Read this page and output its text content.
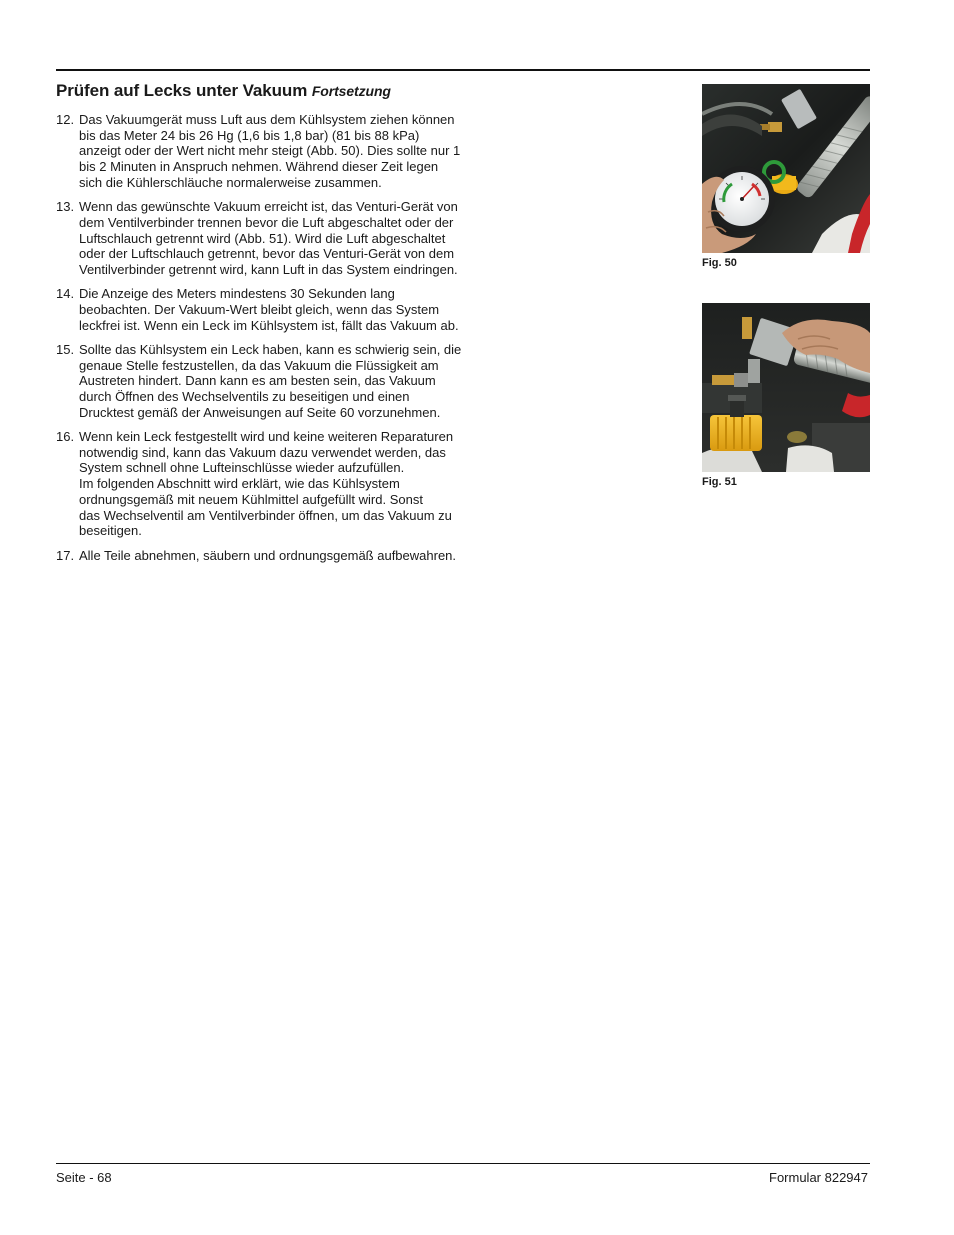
Prüfen auf Lecks unter Vakuum Fortsetzung
12. Das Vakuumgerät muss Luft aus dem Kühlsystem ziehen können
bis das Meter 24 bis 26 Hg (1,6 bis 1,8 bar) (81 bis 88 kPa)
anzeigt oder der Wert nicht mehr steigt (Abb. 50). Dies sollte nur 1
bis 2 Minuten in Anspruch nehmen. Während dieser Zeit legen
sich die Kühlerschläuche normalerweise zusammen.
13. Wenn das gewünschte Vakuum erreicht ist, das Venturi-Gerät von
dem Ventilverbinder trennen bevor die Luft abgeschaltet oder der
Luftschlauch getrennt wird (Abb. 51). Wird die Luft abgeschaltet
oder der Luftschlauch getrennt, bevor das Venturi-Gerät von dem
Ventilverbinder getrennt wird, kann Luft in das System eindringen.
14. Die Anzeige des Meters mindestens 30 Sekunden lang
beobachten. Der Vakuum-Wert bleibt gleich, wenn das System
leckfrei ist. Wenn ein Leck im Kühlsystem ist, fällt das Vakuum ab.
15. Sollte das Kühlsystem ein Leck haben, kann es schwierig sein, die
genaue Stelle festzustellen, da das Vakuum die Flüssigkeit am
Austreten hindert. Dann kann es am besten sein, das Vakuum
durch Öffnen des Wechselventils zu beseitigen und einen
Drucktest gemäß der Anweisungen auf Seite 60 vorzunehmen.
16. Wenn kein Leck festgestellt wird und keine weiteren Reparaturen
notwendig sind, kann das Vakuum dazu verwendet werden, das
System schnell ohne Lufteinschlüsse wieder aufzufüllen.
Im folgenden Abschnitt wird erklärt, wie das Kühlsystem
ordnungsgemäß mit neuem Kühlmittel aufgefüllt wird. Sonst
das Wechselventil am Ventilverbinder öffnen, um das Vakuum zu
beseitigen.
17. Alle Teile abnehmen, säubern und ordnungsgemäß aufbewahren.
Fig. 50
Fig. 51
Seite - 68	Formular 822947
